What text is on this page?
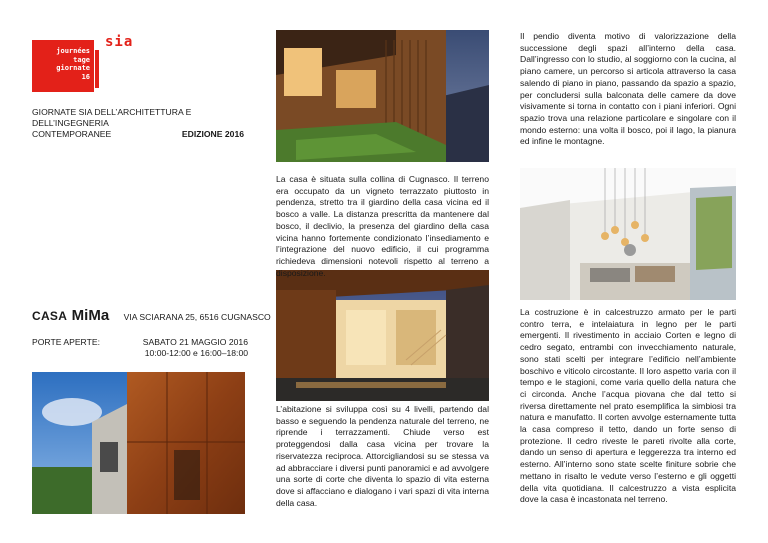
journées
tage
giornate
16
sia
GIORNATE SIA DELL’ARCHITETTURA E DELL’INGEGNERIA
CONTEMPORANEE	EDIZIONE 2016
CASA MiMa VIA SCIARANA 25, 6516 CUGNASCO
PORTE APERTE:	SABATO 21 MAGGIO 2016
10:00-12:00 e 16:00–18:00

Il pendio diventa motivo di valorizzazione della successione degli spazi all’interno della casa. Dall’ingresso con lo studio, al soggiorno con la cucina, al piano camere, un percorso si articola attraverso la casa salendo di piano in piano, passando da spazio a spazio, per concludersi sulla balconata delle camere da dove visivamente si torna in contatto con i piani inferiori. Ogni spazio trova una relazione particolare e singolare con il mondo esterno: una volta il bosco, poi il lago, la pianura ed infine le montagne.

La casa è situata sulla collina di Cugnasco. Il terreno era occupato da un vigneto terrazzato piuttosto in pendenza, stretto tra il giardino della casa vicina ed il bosco a valle. La distanza prescritta da mantenere dal bosco, il declivio, la presenza del giardino della casa vicina hanno fortemente condizionato l’insediamento e l’integrazione del nuovo edificio, il cui programma richiedeva dimensioni notevoli rispetto al terreno a disposizione.

L’abitazione si sviluppa così su 4 livelli, partendo dal basso e seguendo la pendenza naturale del terreno, ne riprende i terrazzamenti. Chiude verso est proteggendosi dalla casa vicina per trovare la riservatezza reciproca. Attorcigliandosi su se stessa va ad abbracciare i diversi punti panoramici e ad avvolgere una sorte di corte che diventa lo spazio di vita esterna dove si affacciano e dialogano i vari spazi di vita interna della casa.

La costruzione è in calcestruzzo armato per le parti contro terra, e intelaiatura in legno per le parti emergenti. Il rivestimento in acciaio Corten e legno di cedro segato, entrambi con invecchiamento naturale, sono stati scelti per integrare l’edificio nell’ambiente boschivo e viticolo circostante. Il loro aspetto varia con il tempo e le stagioni, come varia quello della natura che ci circonda. Anche l’acqua piovana che dal tetto si riversa direttamente nel prato esemplifica la simbiosi tra natura e manufatto. Il corten avvolge esternamente tutta la casa compreso il tetto, dando un forte senso di protezione. Il cedro riveste le pareti rivolte alla corte, dando un senso di apertura e leggerezza tra interno ed esterno. All’interno sono state scelte finiture sobrie che mettano in risalto le vedute verso l’esterno e gli oggetti della vita quotidiana. Il calcestruzzo a vista esplicita dove la casa è incastonata nel terreno.
